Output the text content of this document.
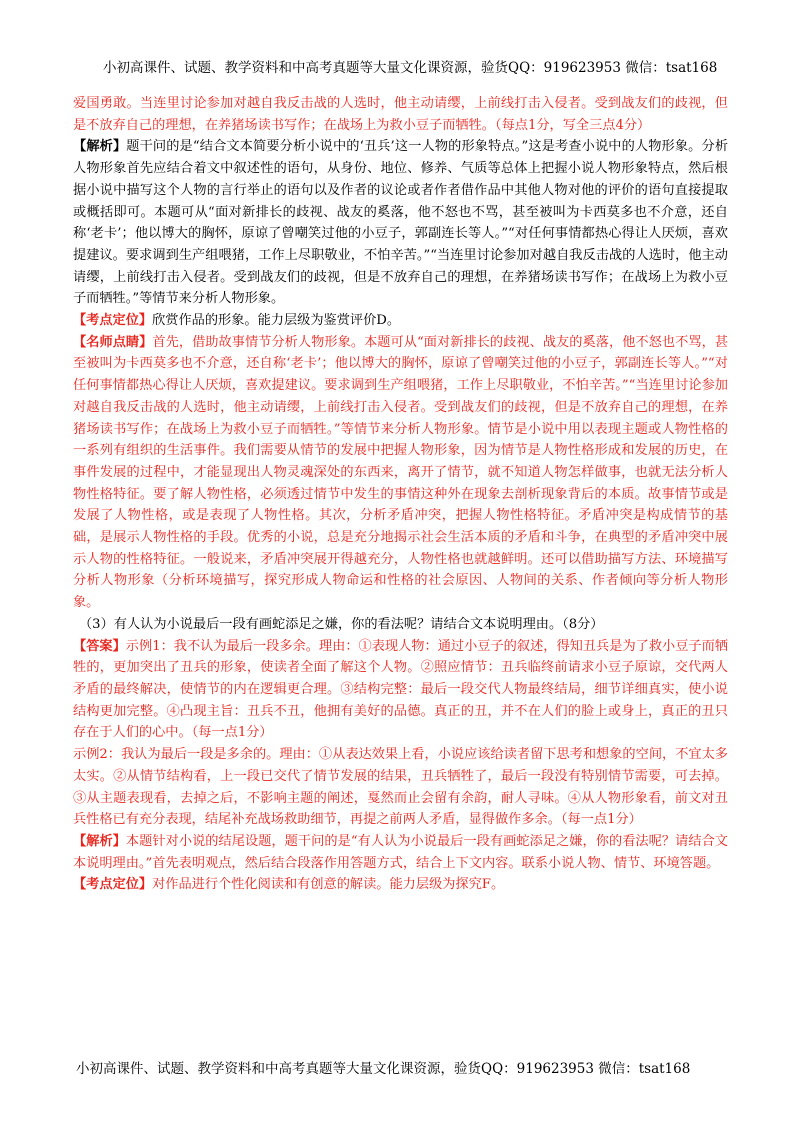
小初高课件、试题、教学资料和中高考真题等大量文化课资源，验货QQ：919623953 微信：tsat168

爱国勇敢。当连里讨论参加对越自我反击战的人选时，他主动请缨，上前线打击入侵者。受到战友们的歧视，但是不放弃自己的理想，在养猪场读书写作；在战场上为救小豆子而牺牲。（每点1分，写全三点4分）

【解析】题干问的是“结合文本简要分析小说中的‘丑兵’这一人物的形象特点。”这是考查小说中的人物形象。分析人物形象首先应结合着文中叙述性的语句，从身份、地位、修养、气质等总体上把握小说人物形象特点，然后根据小说中描写这个人物的言行举止的语句以及作者的议论或者作者借作品中其他人物对他的评价的语句直接提取或概括即可。本题可从“面对新排长的歧视、战友的奚落，他不怒也不骂，甚至被叫为卡西莫多也不介意，还自称‘老卡’；他以博大的胸怀，原谅了曾嘲笑过他的小豆子，郭副连长等人。”“对任何事情都热心得让人厌烦，喜欢提建议。要求调到生产组喂猪，工作上尽职敬业，不怕辛苦。”“当连里讨论参加对越自我反击战的人选时，他主动请缨，上前线打击入侵者。受到战友们的歧视，但是不放弃自己的理想，在养猪场读书写作；在战场上为救小豆子而牺牲。”等情节来分析人物形象。

【考点定位】欣赏作品的形象。能力层级为鉴赏评价D。

【名师点睛】首先，借助故事情节分析人物形象。本题可从“面对新排长的歧视、战友的奚落，他不怒也不骂，甚至被叫为卡西莫多也不介意，还自称‘老卡’；他以博大的胸怀，原谅了曾嘲笑过他的小豆子，郭副连长等人。”“对任何事情都热心得让人厌烦，喜欢提建议。要求调到生产组喂猪，工作上尽职敬业，不怕辛苦。”“当连里讨论参加对越自我反击战的人选时，他主动请缨，上前线打击入侵者。受到战友们的歧视，但是不放弃自己的理想，在养猪场读书写作；在战场上为救小豆子而牺牲。”等情节来分析人物形象。情节是小说中用以表现主题或人物性格的一系列有组织的生活事件。我们需要从情节的发展中把握人物形象，因为情节是人物性格形成和发展的历史，在事件发展的过程中，才能显现出人物灵魂深处的东西来，离开了情节，就不知道人物怎样做事，也就无法分析人物性格特征。要了解人物性格，必须透过情节中发生的事情这种外在现象去剖析现象背后的本质。故事情节或是发展了人物性格，或是表现了人物性格。其次，分析矛盾冲突，把握人物性格特征。矛盾冲突是构成情节的基础，是展示人物性格的手段。优秀的小说，总是充分地揭示社会生活本质的矛盾和斗争，在典型的矛盾冲突中展示人物的性格特征。一般说来，矛盾冲突展开得越充分，人物性格也就越鲜明。还可以借助描写方法、环境描写分析人物形象（分析环境描写，探究形成人物命运和性格的社会原因、人物间的关系、作者倾向等分析人物形象。

（3）有人认为小说最后一段有画蛇添足之嫌，你的看法呢？请结合文本说明理由。（8分）

【答案】示例1：我不认为最后一段多余。理由：①表现人物：通过小豆子的叙述，得知丑兵是为了救小豆子而牺牲的，更加突出了丑兵的形象，使读者全面了解这个人物。②照应情节：丑兵临终前请求小豆子原谅，交代两人矛盾的最终解决，使情节的内在逻辑更合理。③结构完整：最后一段交代人物最终结局，细节详细真实，使小说结构更加完整。④凸现主旨：丑兵不丑，他拥有美好的品德。真正的丑，并不在人们的脸上或身上，真正的丑只存在于人们的心中。（每一点1分）

示例2：我认为最后一段是多余的。理由：①从表达效果上看，小说应该给读者留下思考和想象的空间，不宜太多太实。②从情节结构看，上一段已交代了情节发展的结果，丑兵牺牲了，最后一段没有特别情节需要，可去掉。③从主题表现看，去掉之后，不影响主题的阐述，戛然而止会留有余韵，耐人寻味。④从人物形象看，前文对丑兵性格已有充分表现，结尾补充战场救助细节，再提之前两人矛盾，显得做作多余。（每一点1分）

【解析】本题针对小说的结尾设题，题干问的是“有人认为小说最后一段有画蛇添足之嫌，你的看法呢？请结合文本说明理由。”首先表明观点，然后结合段落作用答题方式，结合上下文内容。联系小说人物、情节、环境答题。

【考点定位】对作品进行个性化阅读和有创意的解读。能力层级为探究F。

小初高课件、试题、教学资料和中高考真题等大量文化课资源，验货QQ：919623953 微信：tsat168
